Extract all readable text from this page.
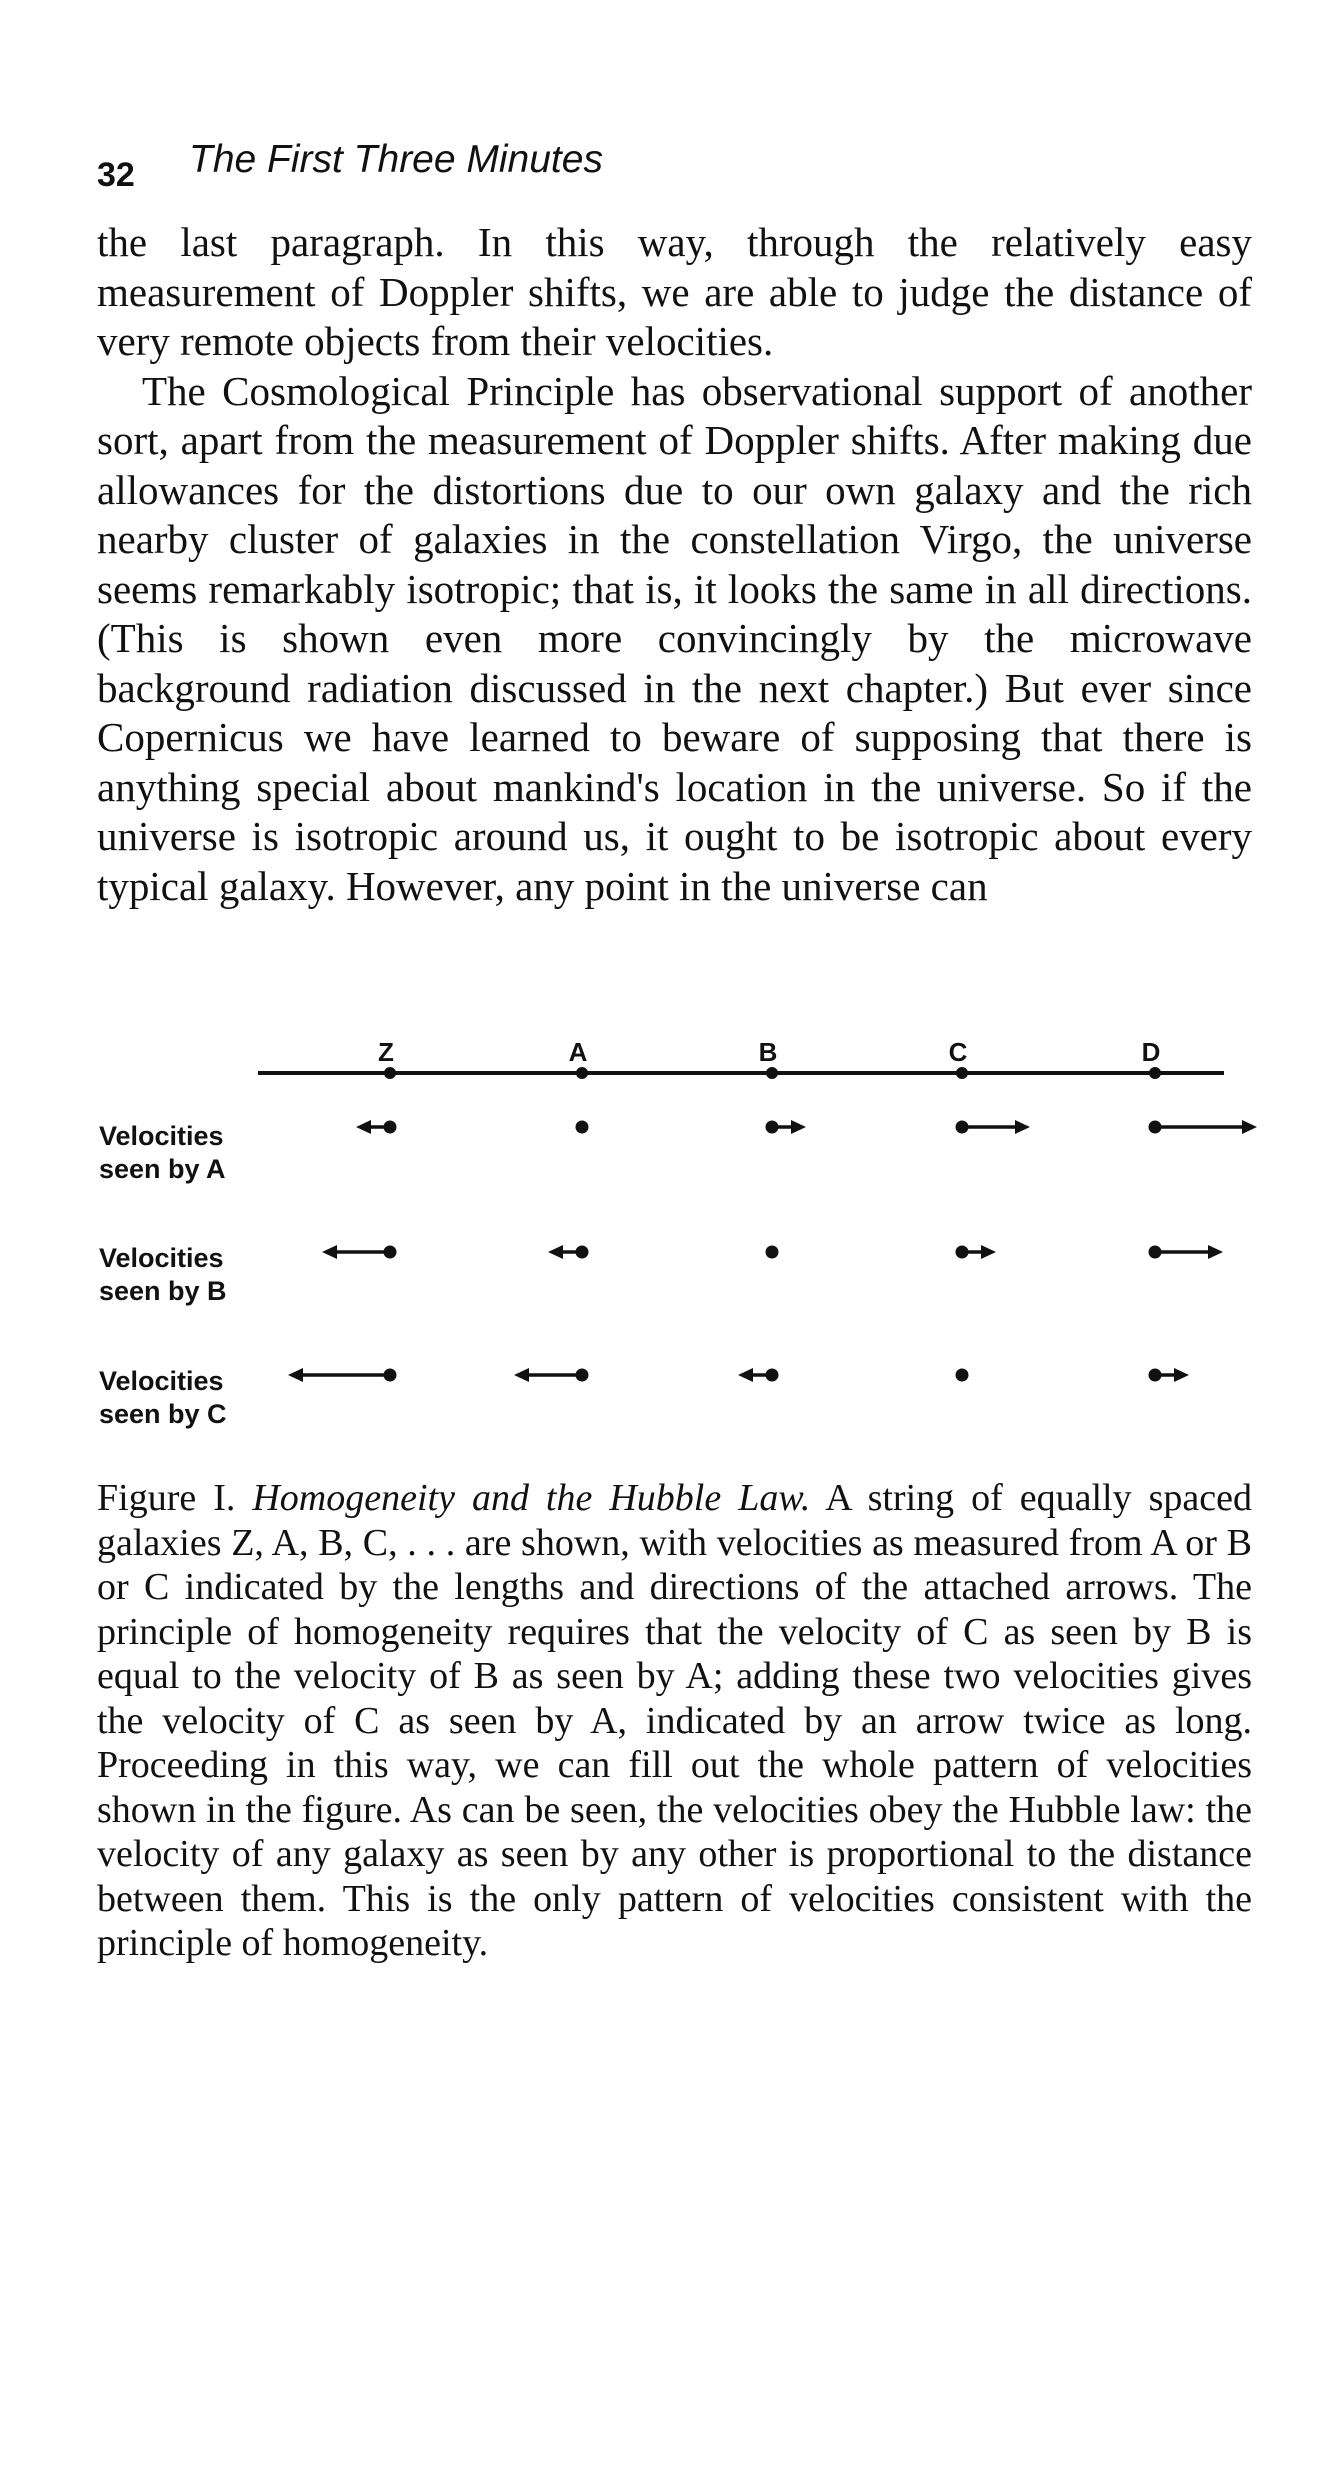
32 The First Three Minutes

the last paragraph. In this way, through the relatively easy measurement of Doppler shifts, we are able to judge the distance of very remote objects from their velocities.

The Cosmological Principle has observational support of another sort, apart from the measurement of Doppler shifts. After making due allowances for the distortions due to our own galaxy and the rich nearby cluster of galaxies in the constellation Virgo, the universe seems remarkably isotropic; that is, it looks the same in all directions. (This is shown even more convincingly by the microwave background radiation discussed in the next chapter.) But ever since Copernicus we have learned to beware of supposing that there is anything special about mankind's location in the universe. So if the universe is isotropic around us, it ought to be isotropic about every typical galaxy. However, any point in the universe can

Z	A	B	C	D
Velocities
seen by A
Velocities
seen by B
Velocities
seen by C
Figure I. Homogeneity and the Hubble Law. A string of equally spaced galaxies Z, A, B, C, . . . are shown, with velocities as measured from A or B or C indicated by the lengths and directions of the attached arrows. The principle of homogeneity requires that the velocity of C as seen by B is equal to the velocity of B as seen by A; adding these two velocities gives the velocity of C as seen by A, indicated by an arrow twice as long. Proceeding in this way, we can fill out the whole pattern of velocities shown in the figure. As can be seen, the velocities obey the Hubble law: the velocity of any galaxy as seen by any other is proportional to the distance between them. This is the only pattern of velocities consistent with the principle of homogeneity.
